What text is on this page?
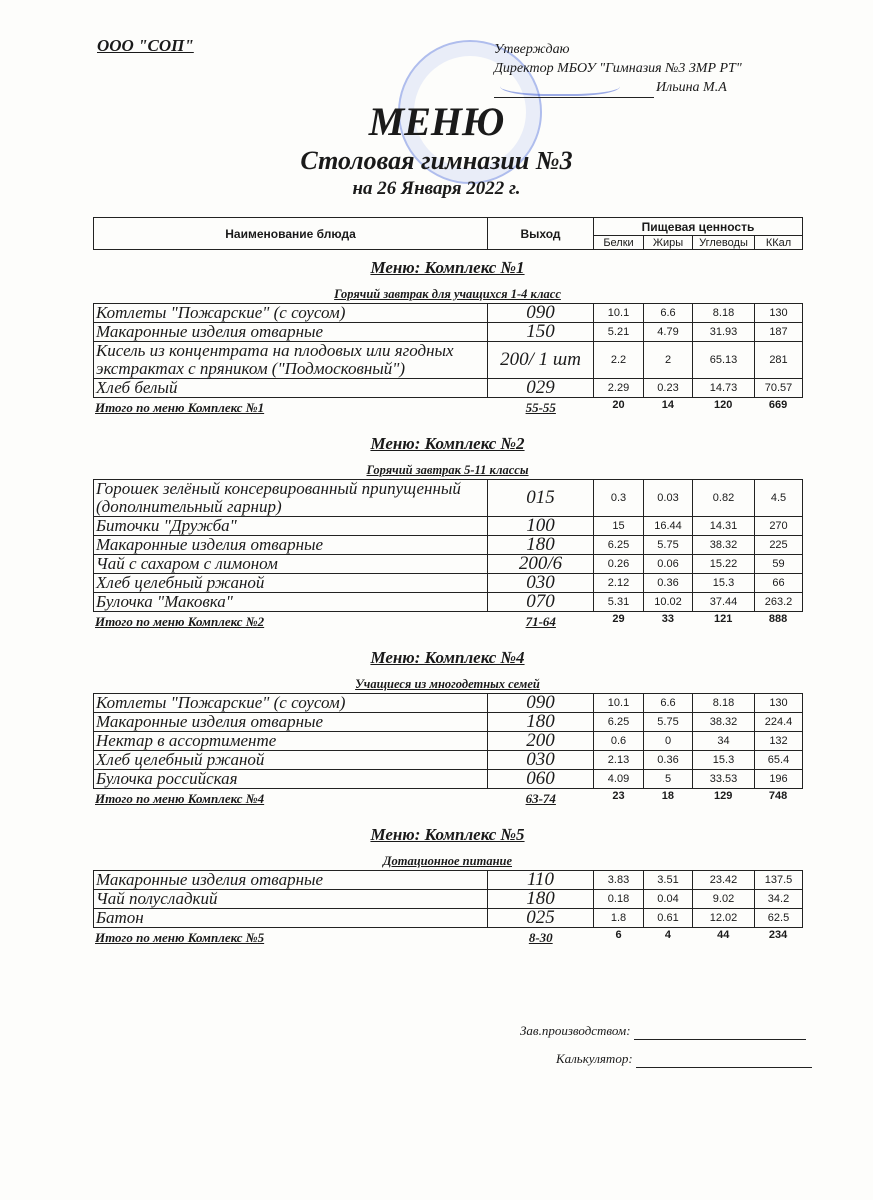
ООО "СОП"	Утверждаю
Директор МБОУ "Гимназия №3 ЗМР РТ"
Ильина М.А
МЕНЮ
Столовая гимназии №3
на 26 Января 2022 г.
Наименование блюда	Выход	Пищевая ценность			
		Белки	Жиры	Углеводы	ККал
Меню: Комплекс №1
Горячий завтрак для учащихся 1-4 класс
Котлеты "Пожарские" (с соусом)	090	10.1	6.6	8.18	130
Макаронные изделия отварные	150	5.21	4.79	31.93	187
Кисель из концентрата на плодовых или ягодных экстрактах с пряником ("Подмосковный")	200/ 1 шт	2.2	2	65.13	281
Хлеб белый	029	2.29	0.23	14.73	70.57
Итого по меню Комплекс №1	55-55	20	14	120	669
Меню: Комплекс №2
Горячий завтрак 5-11 классы
Горошек зелёный консервированный припущенный (дополнительный гарнир)	015	0.3	0.03	0.82	4.5
Биточки "Дружба"	100	15	16.44	14.31	270
Макаронные изделия отварные	180	6.25	5.75	38.32	225
Чай с сахаром с лимоном	200/6	0.26	0.06	15.22	59
Хлеб целебный ржаной	030	2.12	0.36	15.3	66
Булочка "Маковка"	070	5.31	10.02	37.44	263.2
Итого по меню Комплекс №2	71-64	29	33	121	888
Меню: Комплекс №4
Учащиеся из многодетных семей
Котлеты "Пожарские" (с соусом)	090	10.1	6.6	8.18	130
Макаронные изделия отварные	180	6.25	5.75	38.32	224.4
Нектар в ассортименте	200	0.6	0	34	132
Хлеб целебный ржаной	030	2.13	0.36	15.3	65.4
Булочка российская	060	4.09	5	33.53	196
Итого по меню Комплекс №4	63-74	23	18	129	748
Меню: Комплекс №5
Дотационное питание
Макаронные изделия отварные	110	3.83	3.51	23.42	137.5
Чай полусладкий	180	0.18	0.04	9.02	34.2
Батон	025	1.8	0.61	12.02	62.5
Итого по меню Комплекс №5	8-30	6	4	44	234
Зав.производством:
Калькулятор:
